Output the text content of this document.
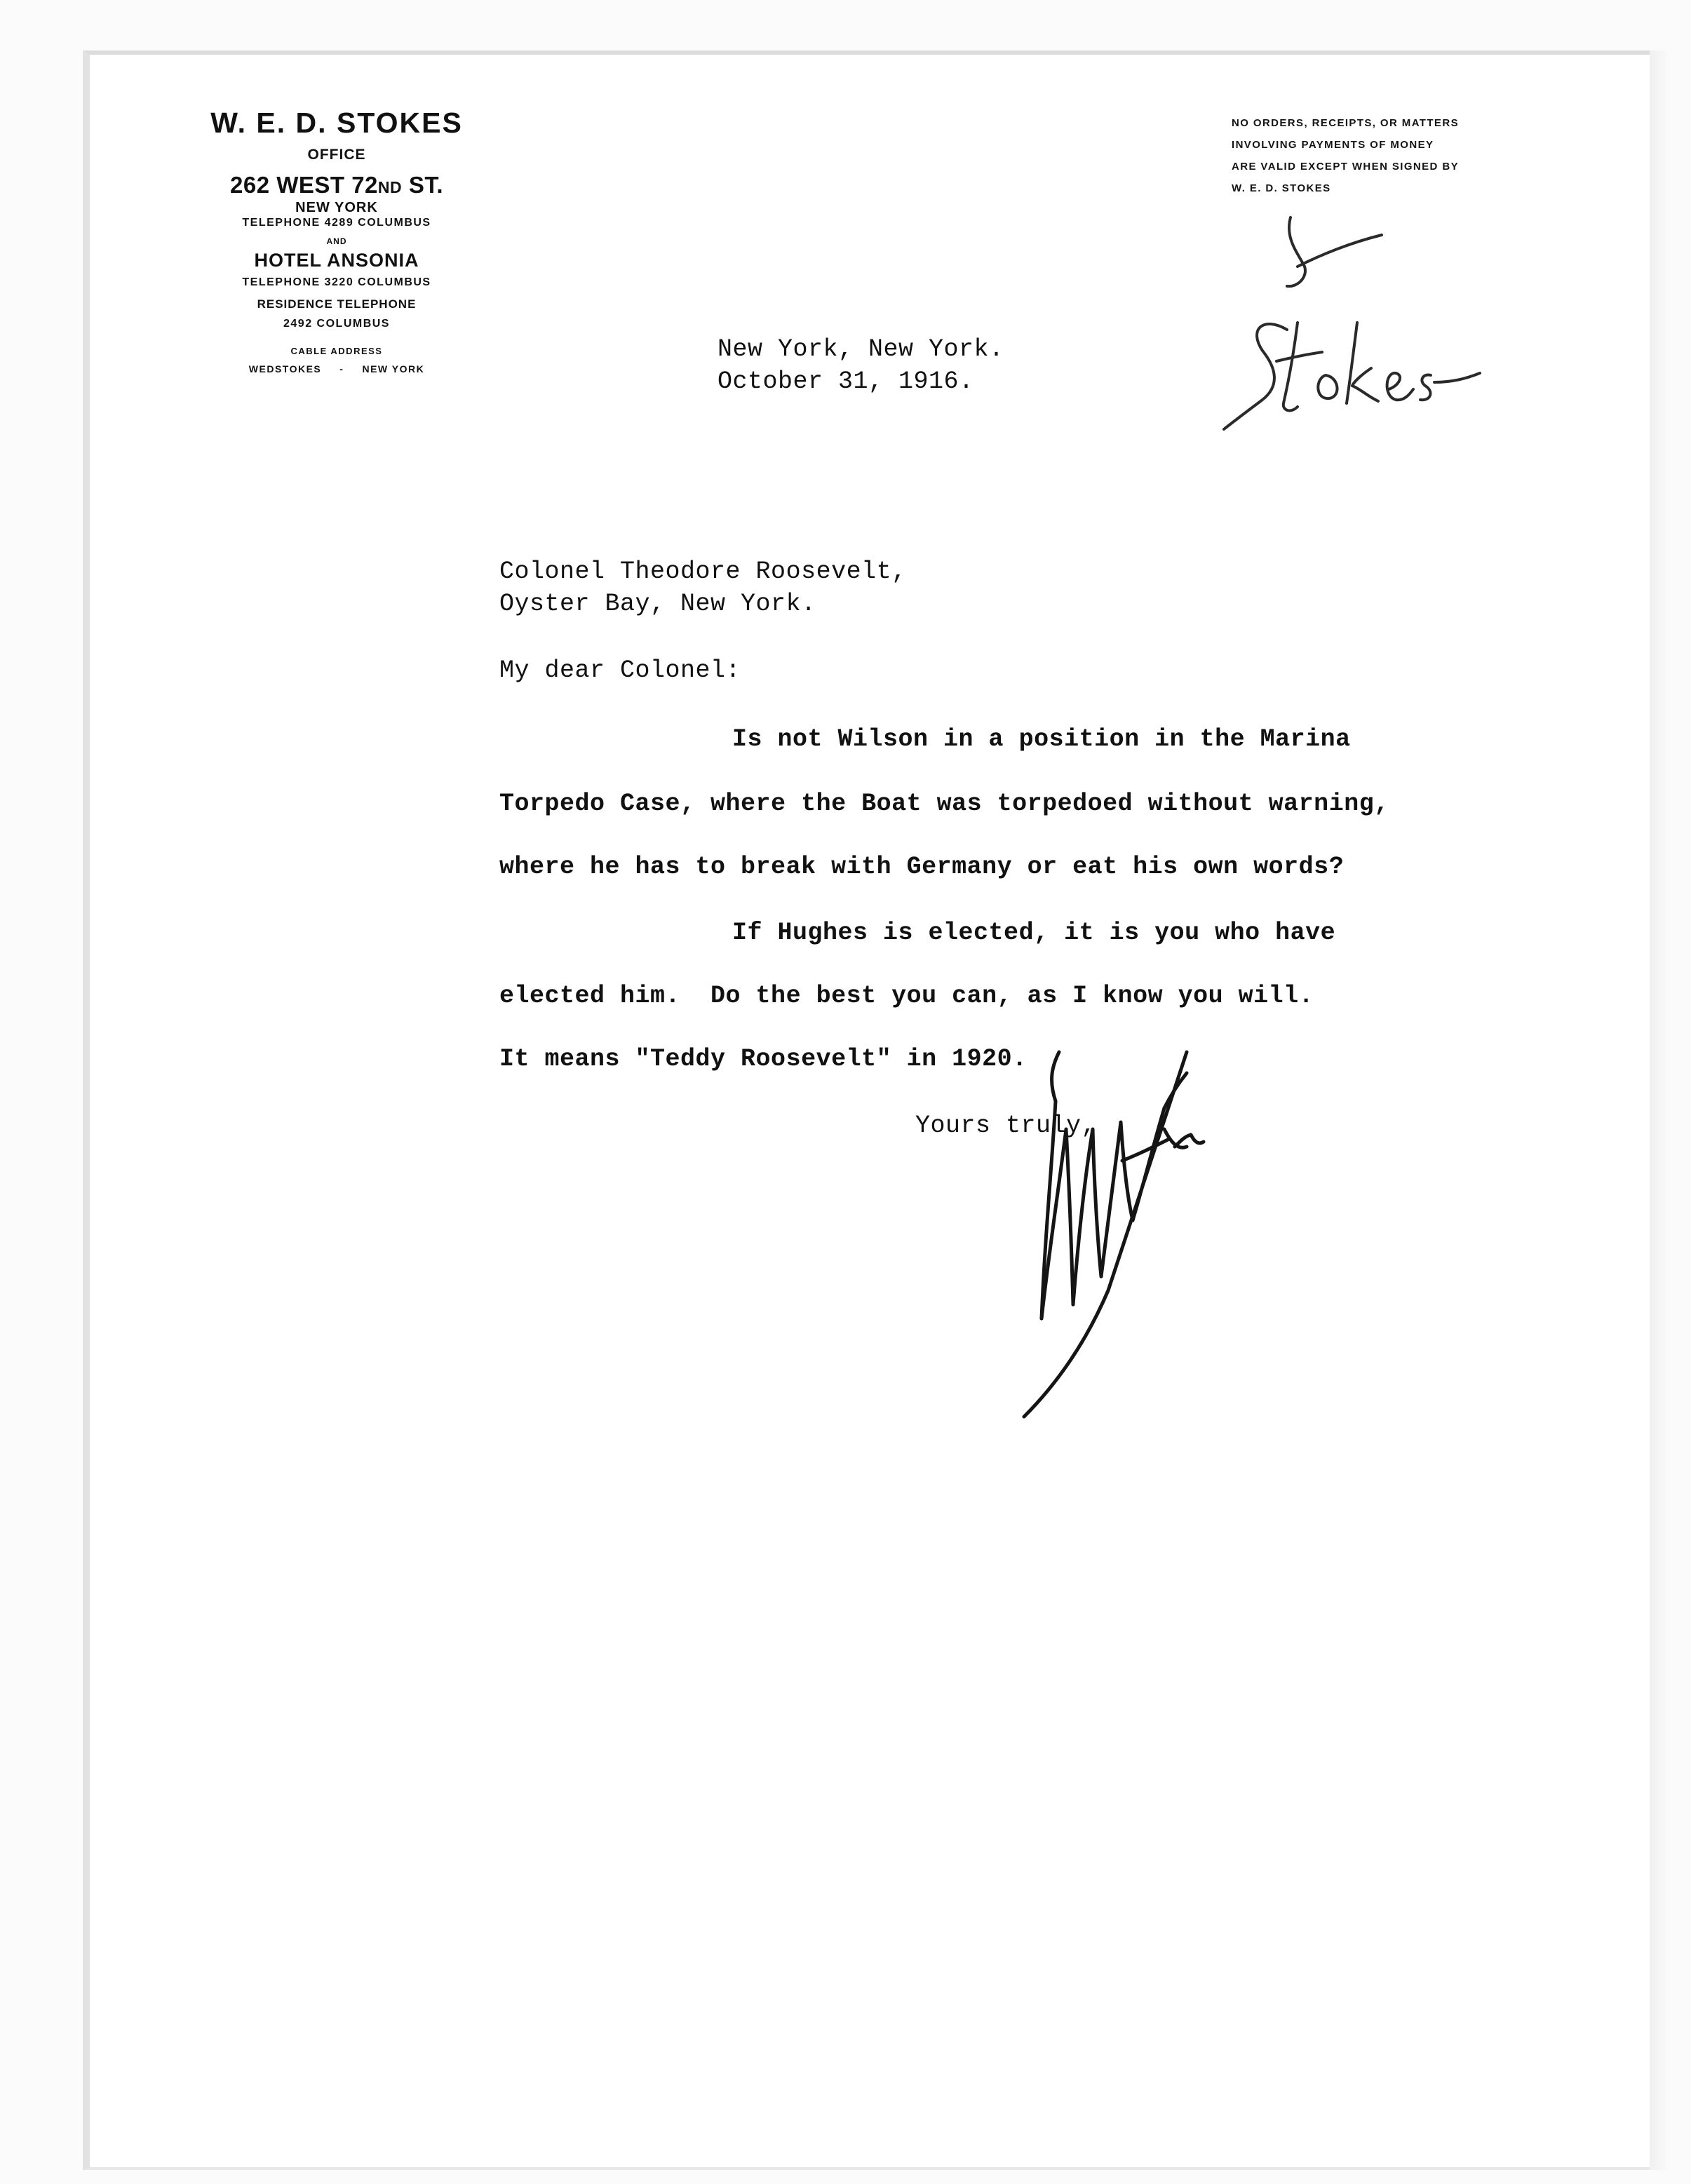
W. E. D. STOKES
OFFICE
262 WEST 72ND ST.
NEW YORK
TELEPHONE 4289 COLUMBUS
AND
HOTEL ANSONIA
TELEPHONE 3220 COLUMBUS
RESIDENCE TELEPHONE
2492 COLUMBUS
CABLE ADDRESS
WEDSTOKES - NEW YORK
NO ORDERS, RECEIPTS, OR MATTERS
INVOLVING PAYMENTS OF MONEY
ARE VALID EXCEPT WHEN SIGNED BY
W. E. D. STOKES
Stokes
New York, New York.
October 31, 1916.
Colonel Theodore Roosevelt,
Oyster Bay, New York.
My dear Colonel:
Is not Wilson in a position in the Marina
Torpedo Case, where the Boat was torpedoed without warning,
where he has to break with Germany or eat his own words?
If Hughes is elected, it is you who have
elected him.  Do the best you can, as I know you will.
It means "Teddy Roosevelt" in 1920.
Yours truly,
W. E. D. Stokes
